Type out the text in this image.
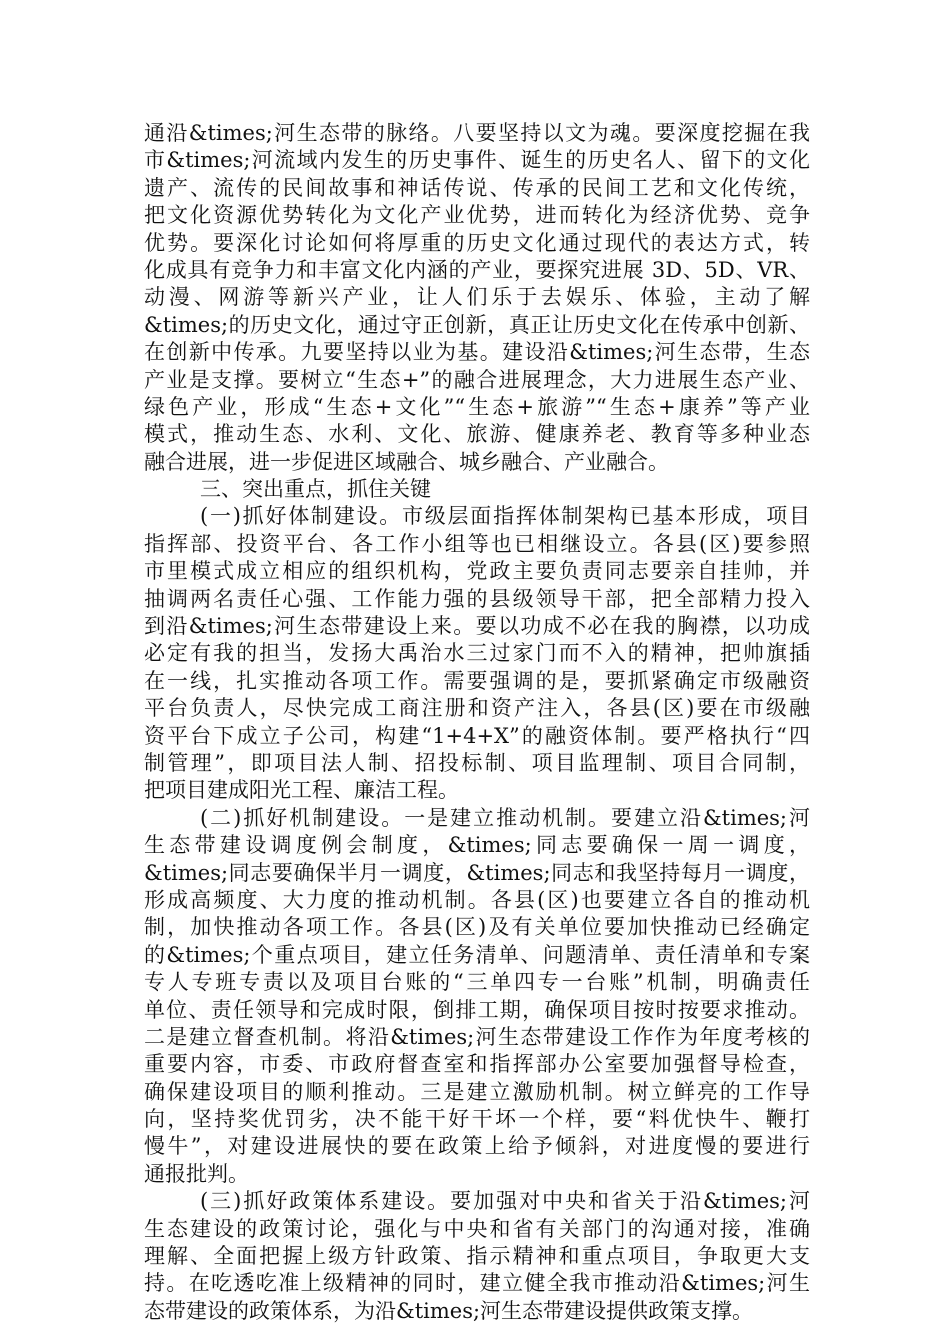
通沿&times;河生态带的脉络。八要坚持以文为魂。要深度挖掘在我
市&times;河流域内发生的历史事件、诞生的历史名人、留下的文化
遗产、流传的民间故事和神话传说、传承的民间工艺和文化传统，
把文化资源优势转化为文化产业优势，进而转化为经济优势、竞争
优势。要深化讨论如何将厚重的历史文化通过现代的表达方式，转
化成具有竞争力和丰富文化内涵的产业，要探究进展 3D、5D、VR、
动漫、网游等新兴产业，让人们乐于去娱乐、体验，主动了解
&times;的历史文化，通过守正创新，真正让历史文化在传承中创新、
在创新中传承。九要坚持以业为基。建设沿&times;河生态带，生态
产业是支撑。要树立“生态+”的融合进展理念，大力进展生态产业、
绿色产业，形成“生态+文化”“生态+旅游”“生态+康养”等产业
模式，推动生态、水利、文化、旅游、健康养老、教育等多种业态
融合进展，进一步促进区域融合、城乡融合、产业融合。
三、突出重点，抓住关键
(一)抓好体制建设。市级层面指挥体制架构已基本形成，项目
指挥部、投资平台、各工作小组等也已相继设立。各县(区)要参照
市里模式成立相应的组织机构，党政主要负责同志要亲自挂帅，并
抽调两名责任心强、工作能力强的县级领导干部，把全部精力投入
到沿&times;河生态带建设上来。要以功成不必在我的胸襟，以功成
必定有我的担当，发扬大禹治水三过家门而不入的精神，把帅旗插
在一线，扎实推动各项工作。需要强调的是，要抓紧确定市级融资
平台负责人，尽快完成工商注册和资产注入，各县(区)要在市级融
资平台下成立子公司，构建“1+4+X”的融资体制。要严格执行“四
制管理”，即项目法人制、招投标制、项目监理制、项目合同制，
把项目建成阳光工程、廉洁工程。
(二)抓好机制建设。一是建立推动机制。要建立沿&times;河
生态带建设调度例会制度，&times;同志要确保一周一调度，
&times;同志要确保半月一调度，&times;同志和我坚持每月一调度，
形成高频度、大力度的推动机制。各县(区)也要建立各自的推动机
制，加快推动各项工作。各县(区)及有关单位要加快推动已经确定
的&times;个重点项目，建立任务清单、问题清单、责任清单和专案
专人专班专责以及项目台账的“三单四专一台账”机制，明确责任
单位、责任领导和完成时限，倒排工期，确保项目按时按要求推动。
二是建立督查机制。将沿&times;河生态带建设工作作为年度考核的
重要内容，市委、市政府督查室和指挥部办公室要加强督导检查，
确保建设项目的顺利推动。三是建立激励机制。树立鲜亮的工作导
向，坚持奖优罚劣，决不能干好干坏一个样，要“料优快牛、鞭打
慢牛”，对建设进展快的要在政策上给予倾斜，对进度慢的要进行
通报批判。
(三)抓好政策体系建设。要加强对中央和省关于沿&times;河
生态建设的政策讨论，强化与中央和省有关部门的沟通对接，准确
理解、全面把握上级方针政策、指示精神和重点项目，争取更大支
持。在吃透吃准上级精神的同时，建立健全我市推动沿&times;河生
态带建设的政策体系，为沿&times;河生态带建设提供政策支撑。
